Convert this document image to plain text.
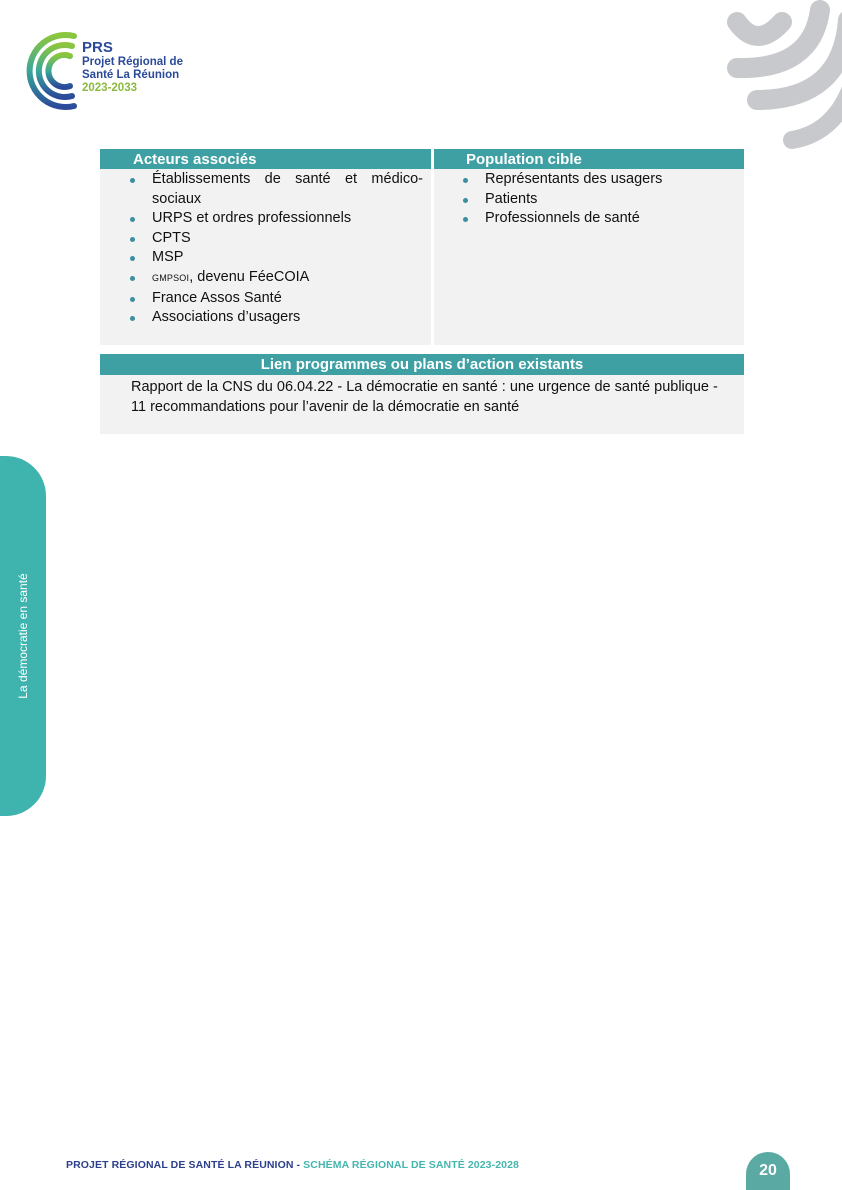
PRS
Projet Régional de
Santé La Réunion
2023-2033
Acteurs associés
Établissements de santé et médico-sociaux
URPS et ordres professionnels
CPTS
MSP
GMPSOI, devenu FéeCOIA
France Assos Santé
Associations d’usagers
Population cible
Représentants des usagers
Patients
Professionnels de santé
Lien programmes ou plans d’action existants
Rapport de la CNS du 06.04.22 - La démocratie en santé : une urgence de santé publique - 11 recommandations pour l’avenir de la démocratie en santé
La démocratie en santé
PROJET RÉGIONAL DE SANTÉ LA RÉUNION - SCHÉMA RÉGIONAL DE SANTÉ 2023-2028	20
